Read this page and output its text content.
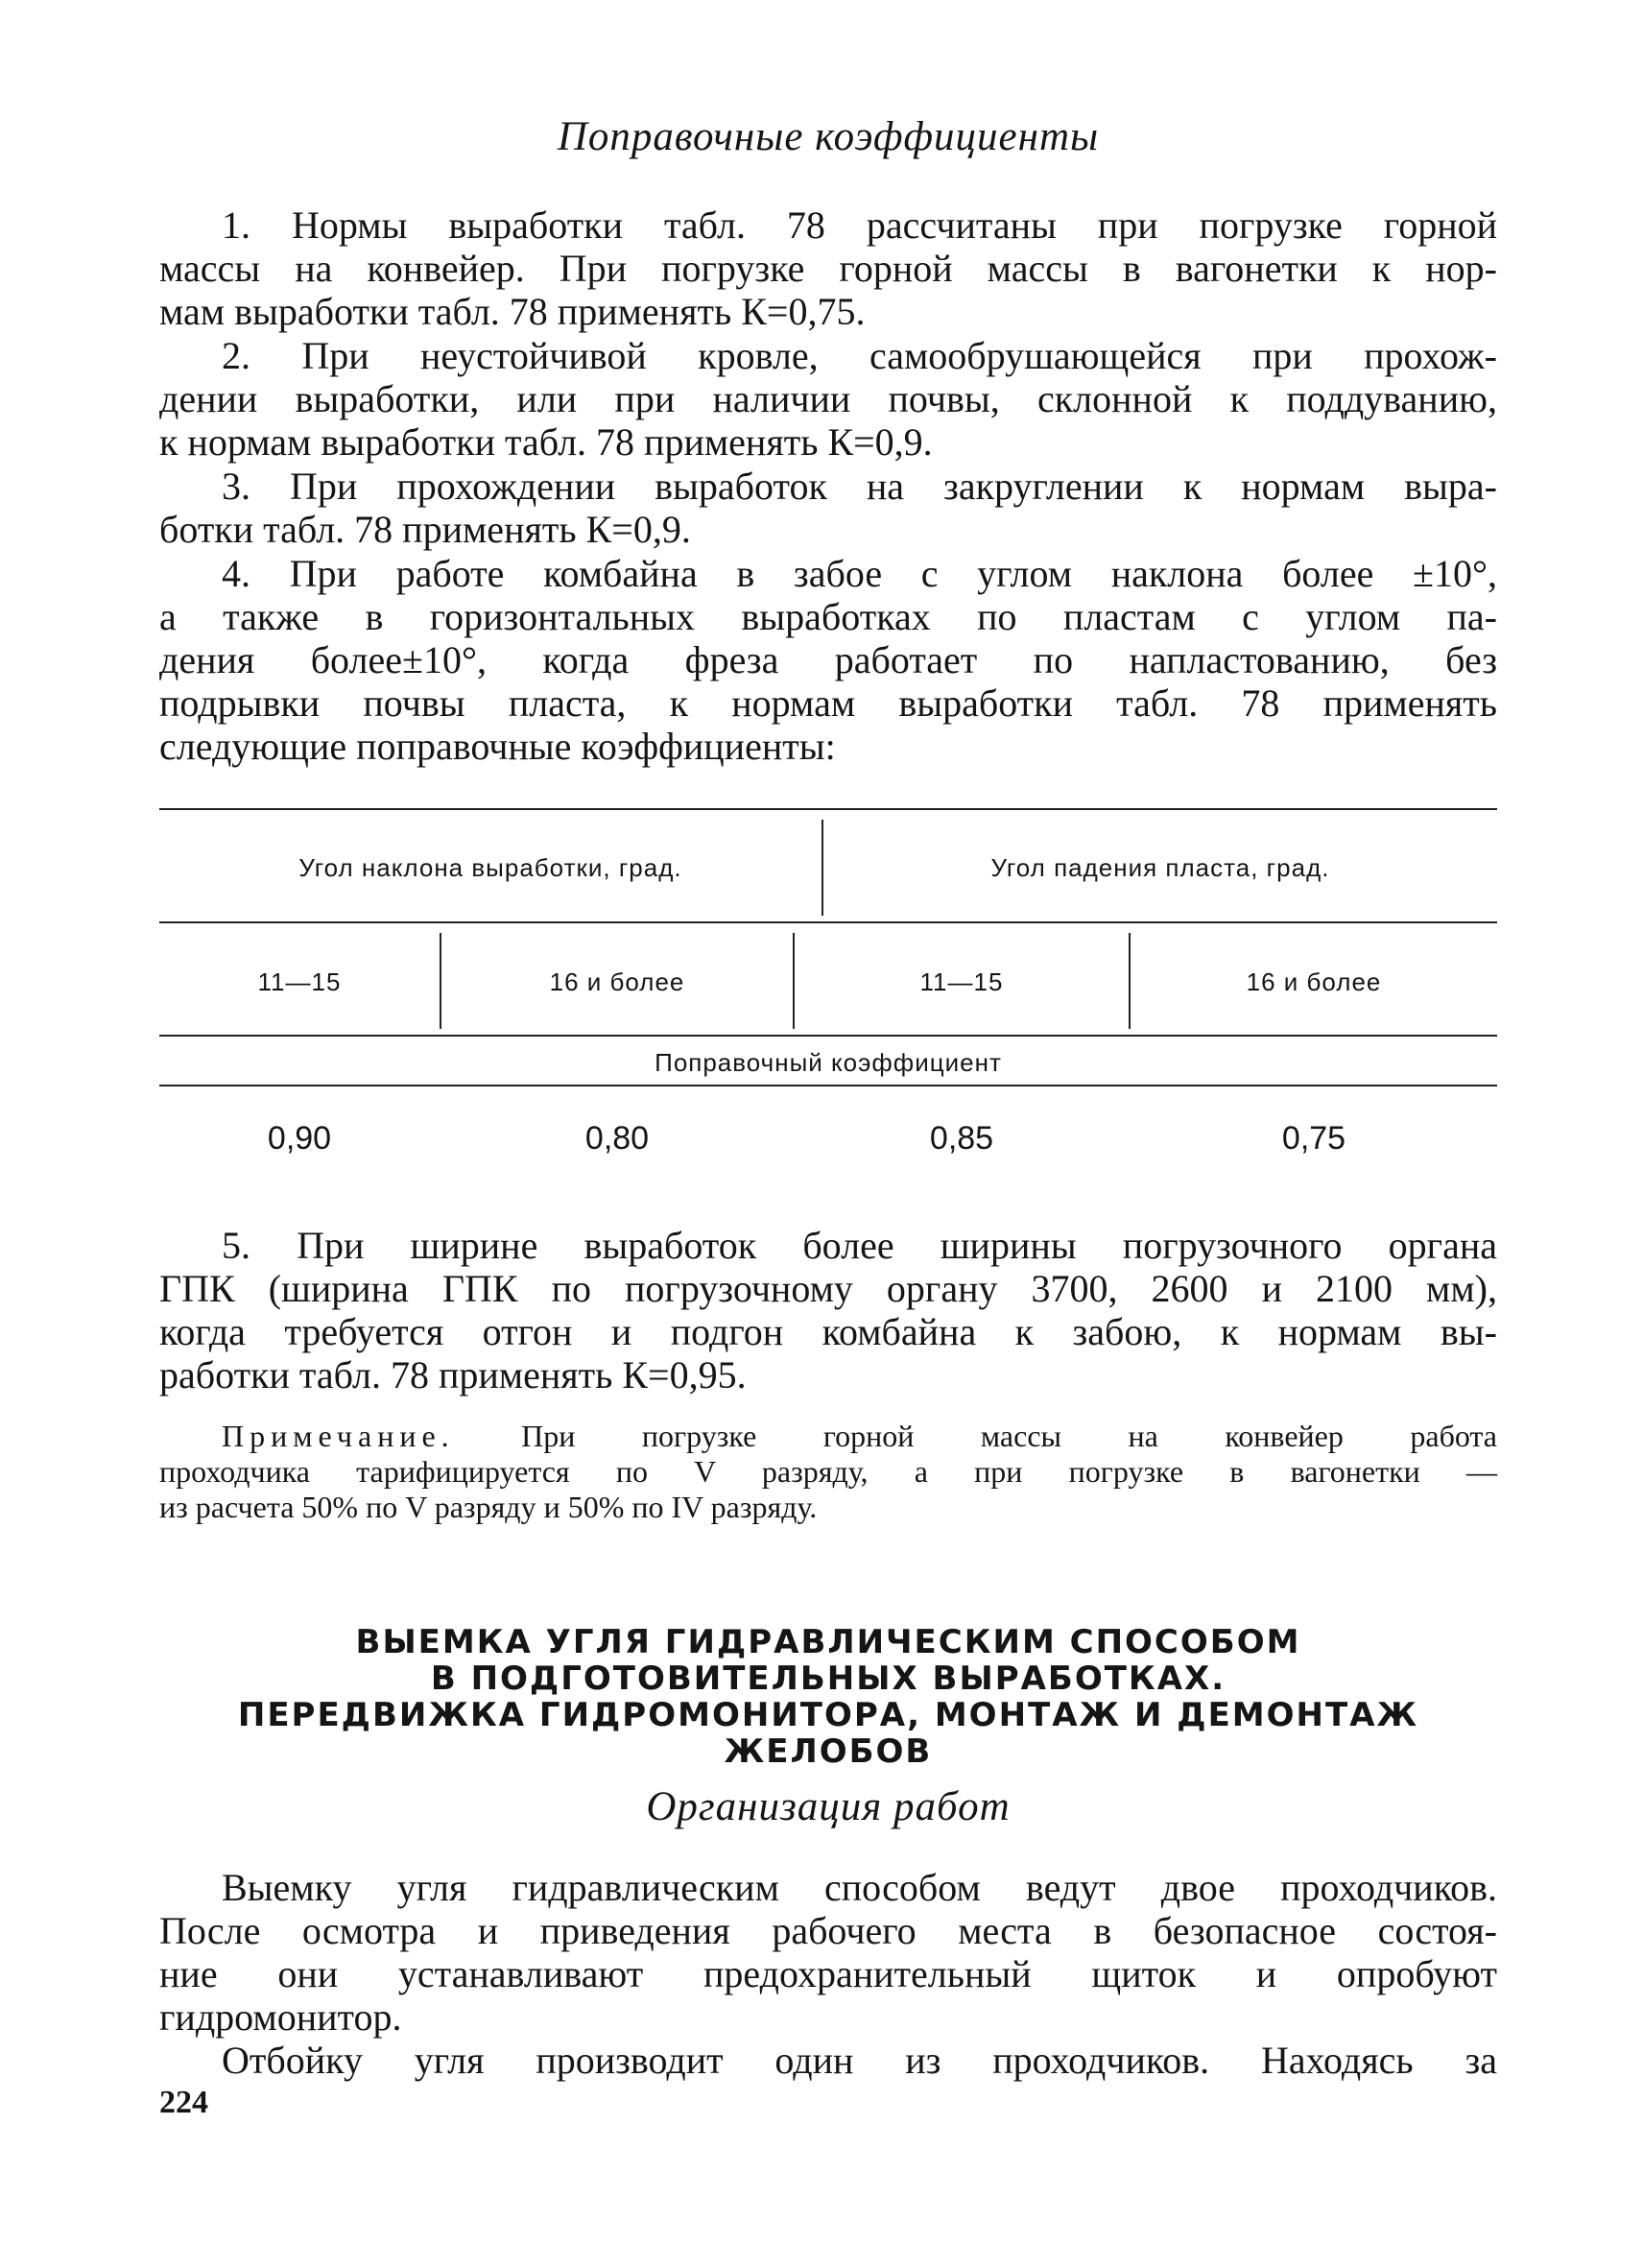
Поправочные коэффициенты
1. Нормы выработки табл. 78 рассчитаны при погрузке горной
массы на конвейер. При погрузке горной массы в вагонетки к нор-
мам выработки табл. 78 применять К=0,75.
2. При неустойчивой кровле, самообрушающейся при прохож-
дении выработки, или при наличии почвы, склонной к поддуванию,
к нормам выработки табл. 78 применять К=0,9.
3. При прохождении выработок на закруглении к нормам выра-
ботки табл. 78 применять К=0,9.
4. При работе комбайна в забое с углом наклона более ±10°,
а также в горизонтальных выработках по пластам с углом па-
дения более±10°, когда фреза работает по напластованию, без
подрывки почвы пласта, к нормам выработки табл. 78 применять
следующие поправочные коэффициенты:
Угол наклона выработки, град.	Угол падения пласта, град.
11—15	16 и более	11—15	16 и более
Поправочный коэффициент
0,90	0,80	0,85	0,75
5. При ширине выработок более ширины погрузочного органа
ГПК (ширина ГПК по погрузочному органу 3700, 2600 и 2100 мм),
когда требуется отгон и подгон комбайна к забою, к нормам вы-
работки табл. 78 применять К=0,95.
Примечание. При погрузке горной массы на конвейер работа
проходчика тарифицируется по V разряду, а при погрузке в вагонетки —
из расчета 50% по V разряду и 50% по IV разряду.
ВЫЕМКА УГЛЯ ГИДРАВЛИЧЕСКИМ СПОСОБОМ
В ПОДГОТОВИТЕЛЬНЫХ ВЫРАБОТКАХ.
ПЕРЕДВИЖКА ГИДРОМОНИТОРА, МОНТАЖ И ДЕМОНТАЖ ЖЕЛОБОВ
Организация работ
Выемку угля гидравлическим способом ведут двое проходчиков.
После осмотра и приведения рабочего места в безопасное состоя-
ние они устанавливают предохранительный щиток и опробуют
гидромонитор.
Отбойку угля производит один из проходчиков. Находясь за
224
